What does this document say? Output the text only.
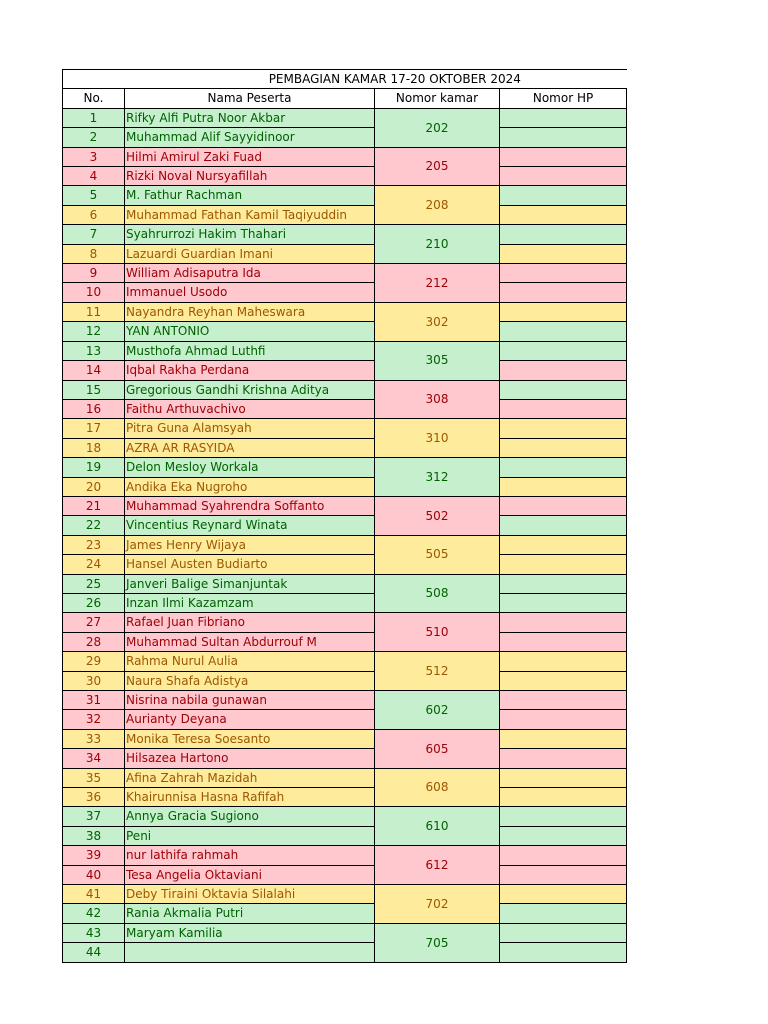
PEMBAGIAN KAMAR 17-20 OKTOBER 2024			
No.	Nama Peserta	Nomor kamar	Nomor HP
1	Rifky Alfi Putra Noor Akbar	202	
2	Muhammad Alif Sayyidinoor		
3	Hilmi Amirul Zaki Fuad	205	
4	Rizki Noval Nursyafillah		
5	M. Fathur Rachman	208	
6	Muhammad Fathan Kamil Taqiyuddin		
7	Syahrurrozi Hakim Thahari	210	
8	Lazuardi Guardian Imani		
9	William Adisaputra Ida	212	
10	Immanuel Usodo		
11	Nayandra Reyhan Maheswara	302	
12	YAN ANTONIO		
13	Musthofa Ahmad Luthfi	305	
14	Iqbal Rakha Perdana		
15	Gregorious Gandhi Krishna Aditya	308	
16	Faithu Arthuvachivo		
17	Pitra Guna Alamsyah	310	
18	AZRA AR RASYIDA		
19	Delon Mesloy Workala	312	
20	Andika Eka Nugroho		
21	Muhammad Syahrendra Soffanto	502	
22	Vincentius Reynard Winata		
23	James Henry Wijaya	505	
24	Hansel Austen Budiarto		
25	Janveri Balige Simanjuntak	508	
26	Inzan Ilmi Kazamzam		
27	Rafael Juan Fibriano	510	
28	Muhammad Sultan Abdurrouf M		
29	Rahma Nurul Aulia	512	
30	Naura Shafa Adistya		
31	Nisrina nabila gunawan	602	
32	Aurianty Deyana		
33	Monika Teresa Soesanto	605	
34	Hilsazea Hartono		
35	Afina Zahrah Mazidah	608	
36	Khairunnisa Hasna Rafifah		
37	Annya Gracia Sugiono	610	
38	Peni		
39	nur lathifa rahmah	612	
40	Tesa Angelia Oktaviani		
41	Deby Tiraini Oktavia Silalahi	702	
42	Rania Akmalia Putri		
43	Maryam Kamilia	705	
44			
